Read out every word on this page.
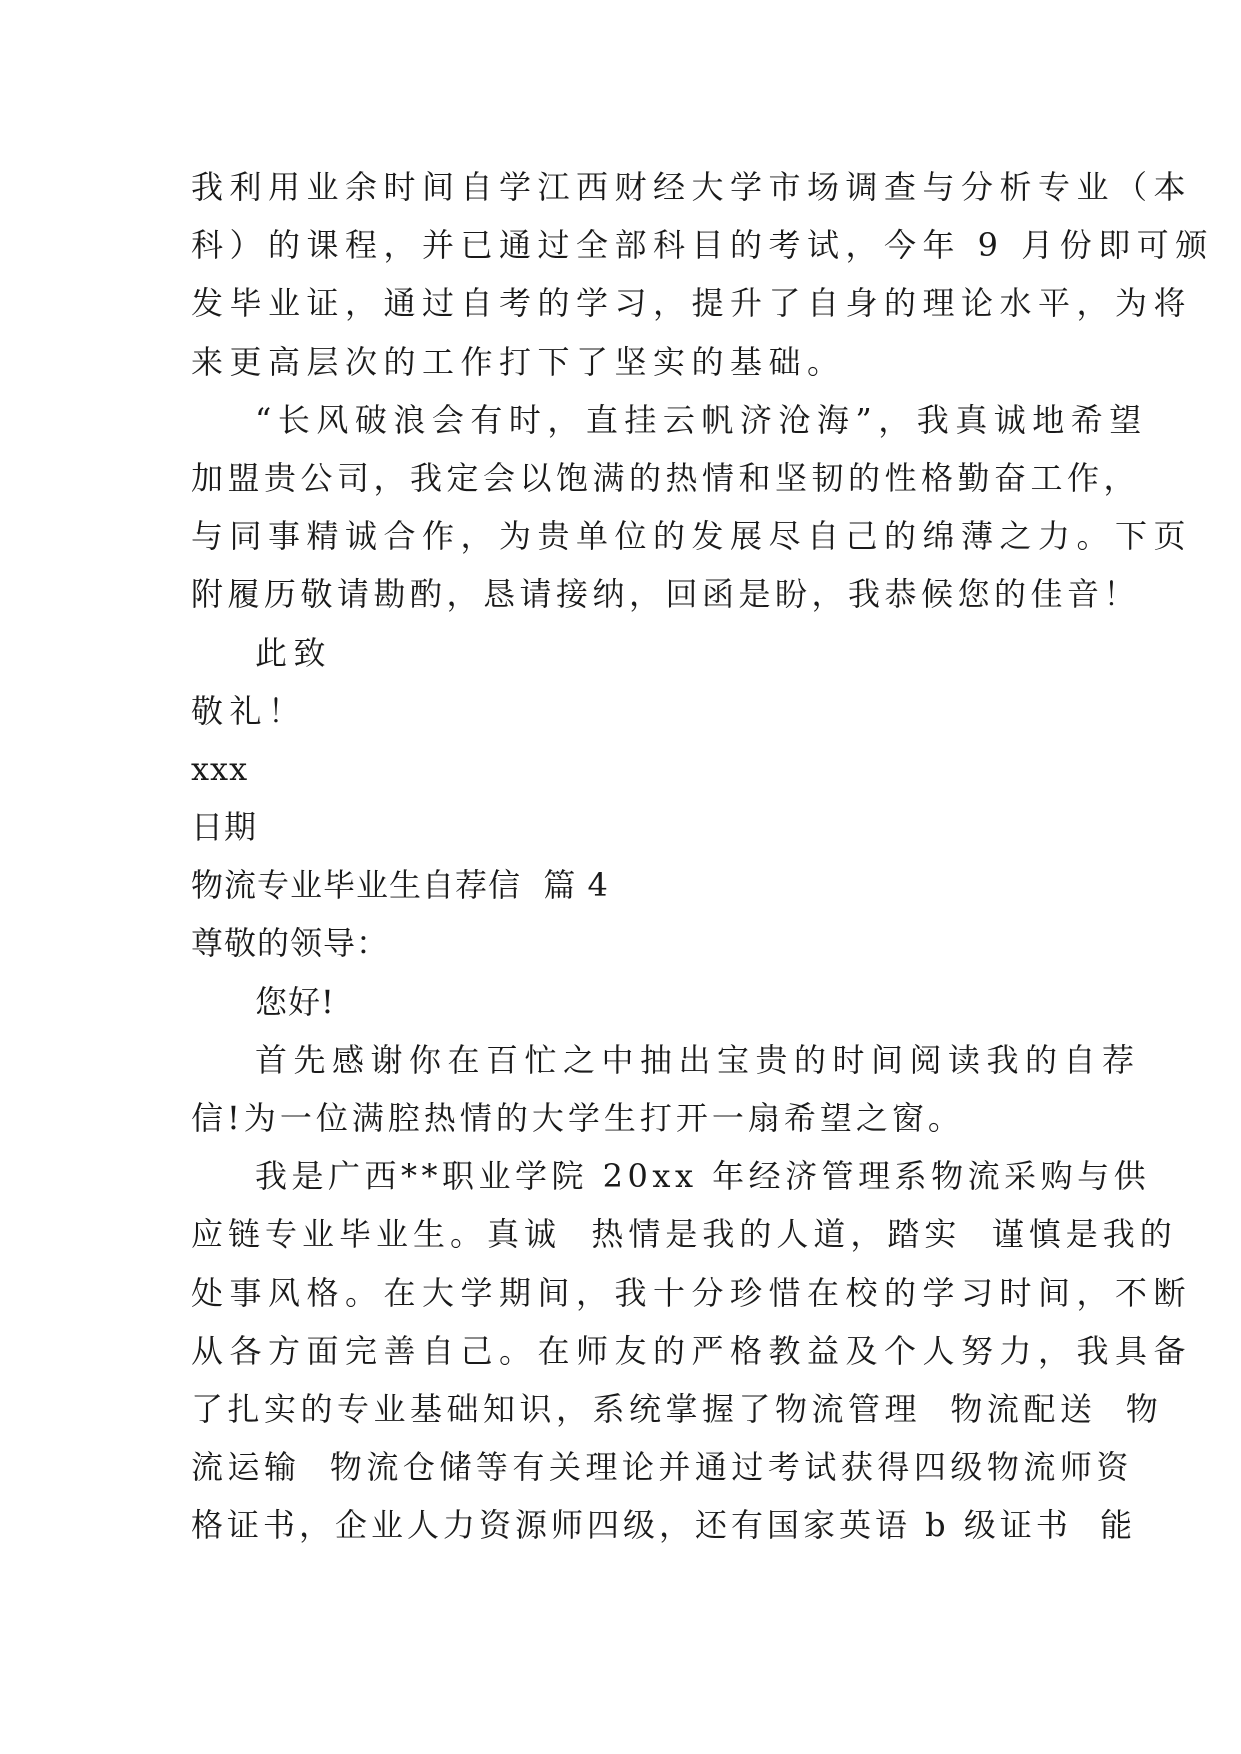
我利用业余时间自学江西财经大学市场调查与分析专业（本
科）的课程，并已通过全部科目的考试，今年 9 月份即可颁
发毕业证，通过自考的学习，提升了自身的理论水平，为将
来更高层次的工作打下了坚实的基础。
“长风破浪会有时，直挂云帆济沧海”，我真诚地希望
加盟贵公司，我定会以饱满的热情和坚韧的性格勤奋工作，
与同事精诚合作，为贵单位的发展尽自己的绵薄之力。下页
附履历敬请勘酌，恳请接纳，回函是盼，我恭候您的佳音！
此致
敬礼！
xxx
日期
物流专业毕业生自荐信  篇 4
尊敬的领导：
您好!
首先感谢你在百忙之中抽出宝贵的时间阅读我的自荐
信!为一位满腔热情的大学生打开一扇希望之窗。
我是广西**职业学院 20xx 年经济管理系物流采购与供
应链专业毕业生。真诚  热情是我的人道，踏实  谨慎是我的
处事风格。在大学期间，我十分珍惜在校的学习时间，不断
从各方面完善自己。在师友的严格教益及个人努力，我具备
了扎实的专业基础知识，系统掌握了物流管理  物流配送  物
流运输  物流仓储等有关理论并通过考试获得四级物流师资
格证书，企业人力资源师四级，还有国家英语 b 级证书  能
